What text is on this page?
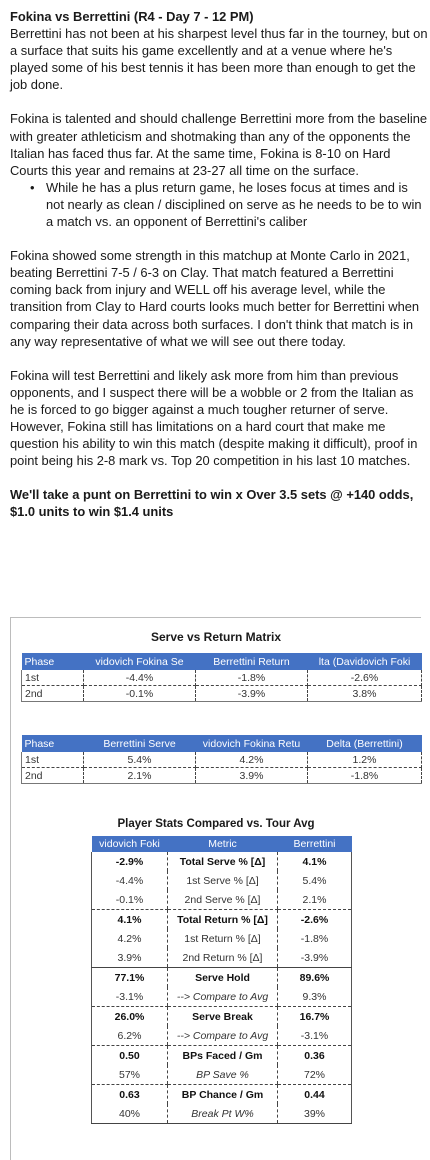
Fokina vs Berrettini (R4 - Day 7 - 12 PM)

Berrettini has not been at his sharpest level thus far in the tourney, but on a surface that suits his game excellently and at a venue where he's played some of his best tennis it has been more than enough to get the job done.

Fokina is talented and should challenge Berrettini more from the baseline with greater athleticism and shotmaking than any of the opponents the Italian has faced thus far. At the same time, Fokina is 8-10 on Hard Courts this year and remains at 23-27 all time on the surface.

• While he has a plus return game, he loses focus at times and is not nearly as clean / disciplined on serve as he needs to be to win a match vs. an opponent of Berrettini's caliber

Fokina showed some strength in this matchup at Monte Carlo in 2021, beating Berrettini 7-5 / 6-3 on Clay. That match featured a Berrettini coming back from injury and WELL off his average level, while the transition from Clay to Hard courts looks much better for Berrettini when comparing their data across both surfaces. I don't think that match is in any way representative of what we will see out there today.

Fokina will test Berrettini and likely ask more from him than previous opponents, and I suspect there will be a wobble or 2 from the Italian as he is forced to go bigger against a much tougher returner of serve. However, Fokina still has limitations on a hard court that make me question his ability to win this match (despite making it difficult), proof in point being his 2-8 mark vs. Top 20 competition in his last 10 matches.

We'll take a punt on Berrettini to win x Over 3.5 sets @ +140 odds, $1.0 units to win $1.4 units

Serve vs Return Matrix
Phase	vidovich Fokina Se	Berrettini Return	lta (Davidovich Foki
1st	-4.4%	-1.8%	-2.6%
2nd	-0.1%	-3.9%	3.8%
Phase	Berrettini Serve	vidovich Fokina Retu	Delta (Berrettini)
1st	5.4%	4.2%	1.2%
2nd	2.1%	3.9%	-1.8%
Player Stats Compared vs. Tour Avg
vidovich Foki	Metric	Berrettini
-2.9%	Total Serve % [Δ]	4.1%
-4.4%	1st Serve % [Δ]	5.4%
-0.1%	2nd Serve % [Δ]	2.1%
4.1%	Total Return % [Δ]	-2.6%
4.2%	1st Return % [Δ]	-1.8%
3.9%	2nd Return % [Δ]	-3.9%
77.1%	Serve Hold	89.6%
-3.1%	--> Compare to Avg	9.3%
26.0%	Serve Break	16.7%
6.2%	--> Compare to Avg	-3.1%
0.50	BPs Faced / Gm	0.36
57%	BP Save %	72%
0.63	BP Chance / Gm	0.44
40%	Break Pt W%	39%
